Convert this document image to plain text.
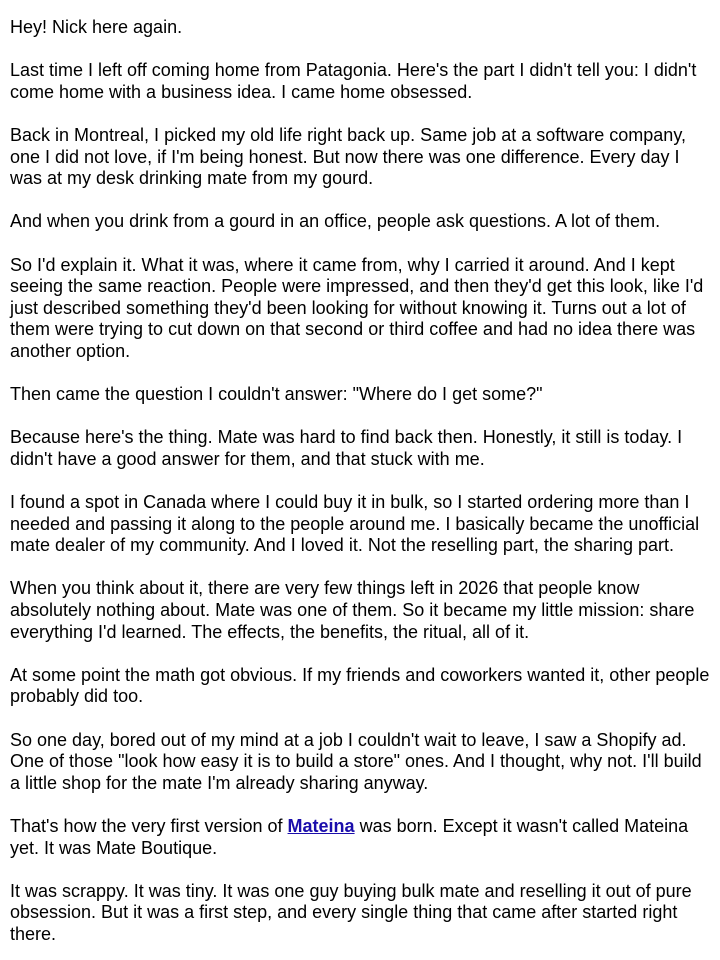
Hey! Nick here again.

Last time I left off coming home from Patagonia. Here's the part I didn't tell you: I didn't come home with a business idea. I came home obsessed.

Back in Montreal, I picked my old life right back up. Same job at a software company, one I did not love, if I'm being honest. But now there was one difference. Every day I was at my desk drinking mate from my gourd.

And when you drink from a gourd in an office, people ask questions. A lot of them.

So I'd explain it. What it was, where it came from, why I carried it around. And I kept seeing the same reaction. People were impressed, and then they'd get this look, like I'd just described something they'd been looking for without knowing it. Turns out a lot of them were trying to cut down on that second or third coffee and had no idea there was another option.

Then came the question I couldn't answer: "Where do I get some?"

Because here's the thing. Mate was hard to find back then. Honestly, it still is today. I didn't have a good answer for them, and that stuck with me.

I found a spot in Canada where I could buy it in bulk, so I started ordering more than I needed and passing it along to the people around me. I basically became the unofficial mate dealer of my community. And I loved it. Not the reselling part, the sharing part.

When you think about it, there are very few things left in 2026 that people know absolutely nothing about. Mate was one of them. So it became my little mission: share everything I'd learned. The effects, the benefits, the ritual, all of it.

At some point the math got obvious. If my friends and coworkers wanted it, other people probably did too.

So one day, bored out of my mind at a job I couldn't wait to leave, I saw a Shopify ad. One of those "look how easy it is to build a store" ones. And I thought, why not. I'll build a little shop for the mate I'm already sharing anyway.

That's how the very first version of Mateina was born. Except it wasn't called Mateina yet. It was Mate Boutique.

It was scrappy. It was tiny. It was one guy buying bulk mate and reselling it out of pure obsession. But it was a first step, and every single thing that came after started right there.
